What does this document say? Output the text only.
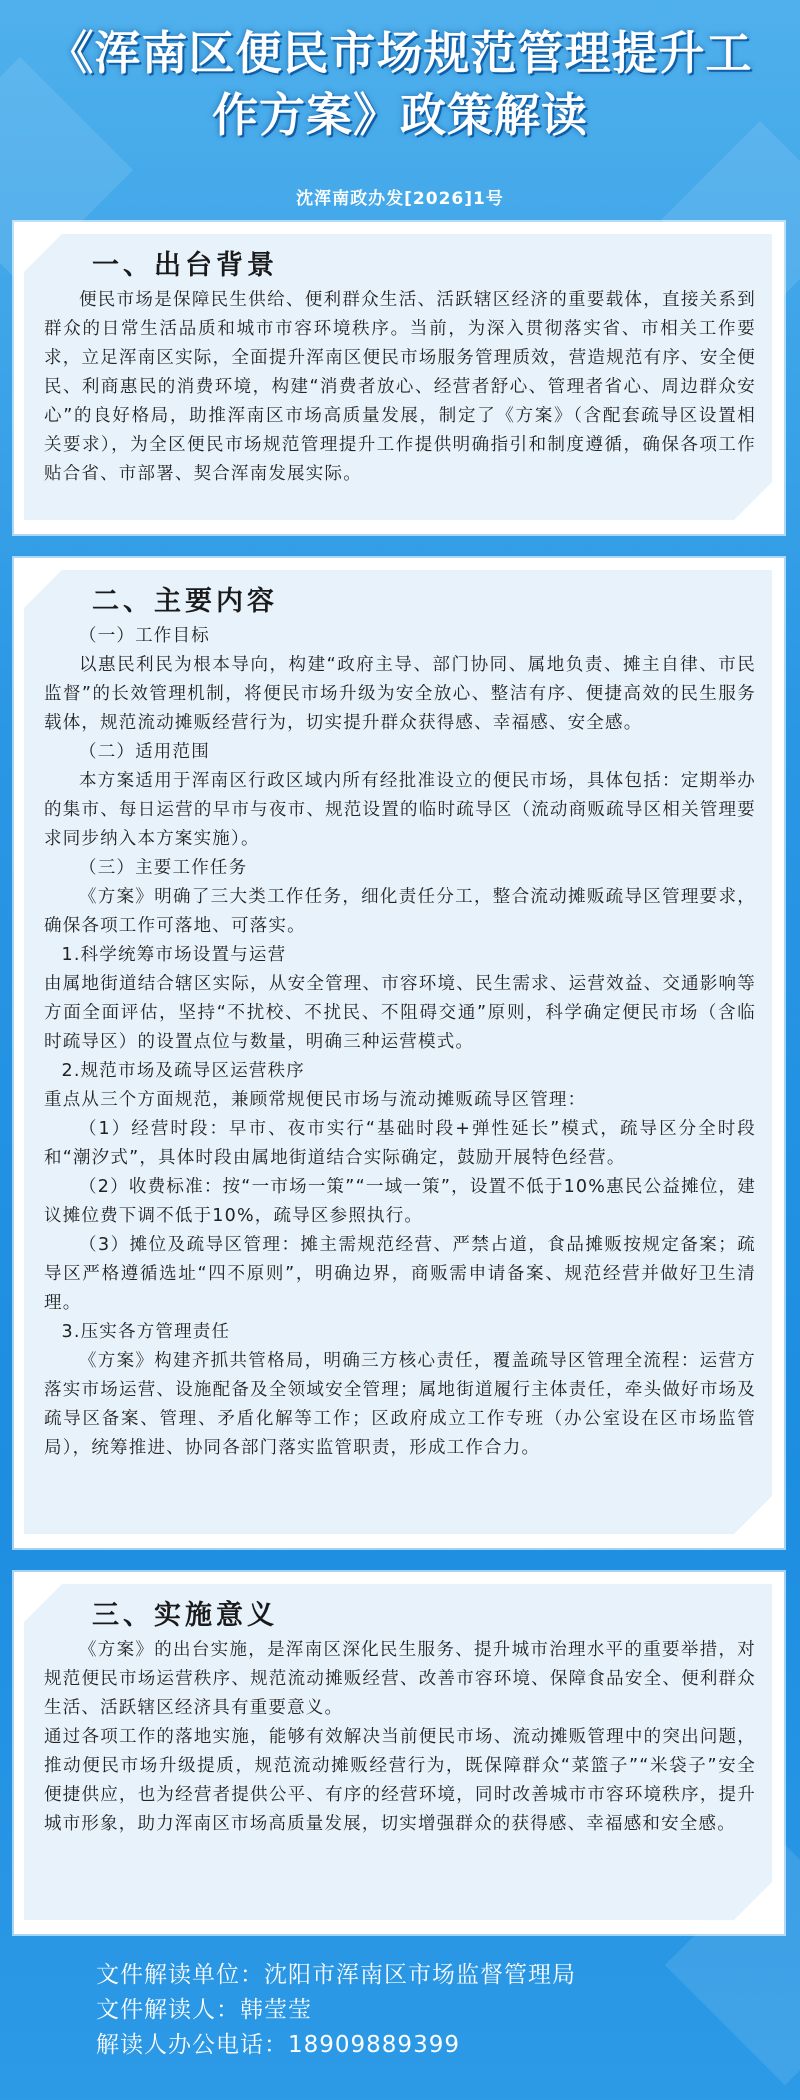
《浑南区便民市场规范管理提升工
作方案》政策解读
沈浑南政办发[2026]1号
一、出台背景

便民市场是保障民生供给、便利群众生活、活跃辖区经济的重要载体，直接关系到群众的日常生活品质和城市市容环境秩序。当前，为深入贯彻落实省、市相关工作要求，立足浑南区实际，全面提升浑南区便民市场服务管理质效，营造规范有序、安全便民、利商惠民的消费环境，构建“消费者放心、经营者舒心、管理者省心、周边群众安心”的良好格局，助推浑南区市场高质量发展，制定了《方案》（含配套疏导区设置相关要求），为全区便民市场规范管理提升工作提供明确指引和制度遵循，确保各项工作贴合省、市部署、契合浑南发展实际。

二、主要内容

（一）工作目标

以惠民利民为根本导向，构建“政府主导、部门协同、属地负责、摊主自律、市民监督”的长效管理机制，将便民市场升级为安全放心、整洁有序、便捷高效的民生服务载体，规范流动摊贩经营行为，切实提升群众获得感、幸福感、安全感。

（二）适用范围

本方案适用于浑南区行政区域内所有经批准设立的便民市场，具体包括：定期举办的集市、每日运营的早市与夜市、规范设置的临时疏导区（流动商贩疏导区相关管理要求同步纳入本方案实施）。

（三）主要工作任务

《方案》明确了三大类工作任务，细化责任分工，整合流动摊贩疏导区管理要求，确保各项工作可落地、可落实。

1.科学统筹市场设置与运营

由属地街道结合辖区实际，从安全管理、市容环境、民生需求、运营效益、交通影响等方面全面评估，坚持“不扰校、不扰民、不阻碍交通”原则，科学确定便民市场（含临时疏导区）的设置点位与数量，明确三种运营模式。

2.规范市场及疏导区运营秩序

重点从三个方面规范，兼顾常规便民市场与流动摊贩疏导区管理：

（1）经营时段：早市、夜市实行“基础时段+弹性延长”模式，疏导区分全时段和“潮汐式”，具体时段由属地街道结合实际确定，鼓励开展特色经营。

（2）收费标准：按“一市场一策”“一域一策”，设置不低于10%惠民公益摊位，建议摊位费下调不低于10%，疏导区参照执行。

（3）摊位及疏导区管理：摊主需规范经营、严禁占道，食品摊贩按规定备案；疏导区严格遵循选址“四不原则”，明确边界，商贩需申请备案、规范经营并做好卫生清理。

3.压实各方管理责任

《方案》构建齐抓共管格局，明确三方核心责任，覆盖疏导区管理全流程：运营方落实市场运营、设施配备及全领域安全管理；属地街道履行主体责任，牵头做好市场及疏导区备案、管理、矛盾化解等工作；区政府成立工作专班（办公室设在区市场监管局），统筹推进、协同各部门落实监管职责，形成工作合力。

三、实施意义

《方案》的出台实施，是浑南区深化民生服务、提升城市治理水平的重要举措，对规范便民市场运营秩序、规范流动摊贩经营、改善市容环境、保障食品安全、便利群众生活、活跃辖区经济具有重要意义。

通过各项工作的落地实施，能够有效解决当前便民市场、流动摊贩管理中的突出问题，推动便民市场升级提质，规范流动摊贩经营行为，既保障群众“菜篮子”“米袋子”安全便捷供应，也为经营者提供公平、有序的经营环境，同时改善城市市容环境秩序，提升城市形象，助力浑南区市场高质量发展，切实增强群众的获得感、幸福感和安全感。

文件解读单位：沈阳市浑南区市场监督管理局
文件解读人：韩莹莹
解读人办公电话：18909889399
